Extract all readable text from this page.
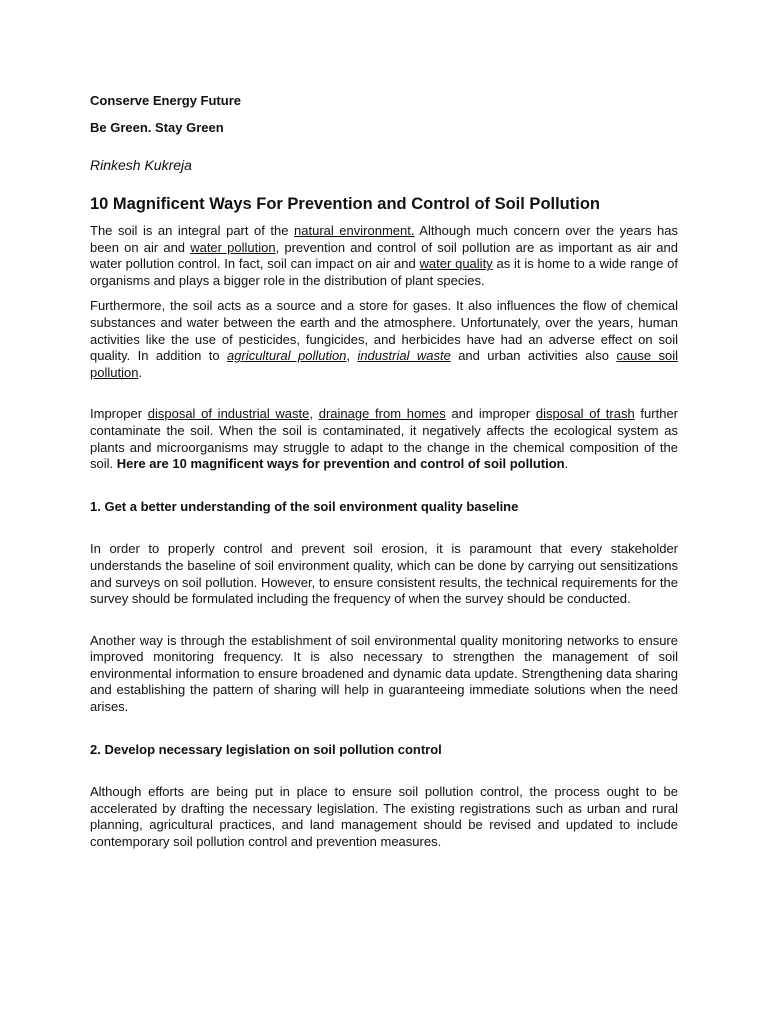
Conserve Energy Future
Be Green. Stay Green
Rinkesh Kukreja
10 Magnificent Ways For Prevention and Control of Soil Pollution

The soil is an integral part of the natural environment. Although much concern over the years has been on air and water pollution, prevention and control of soil pollution are as important as air and water pollution control. In fact, soil can impact on air and water quality as it is home to a wide range of organisms and plays a bigger role in the distribution of plant species.

Furthermore, the soil acts as a source and a store for gases. It also influences the flow of chemical substances and water between the earth and the atmosphere. Unfortunately, over the years, human activities like the use of pesticides, fungicides, and herbicides have had an adverse effect on soil quality. In addition to agricultural pollution, industrial waste and urban activities also cause soil pollution.

Improper disposal of industrial waste, drainage from homes and improper disposal of trash further contaminate the soil. When the soil is contaminated, it negatively affects the ecological system as plants and microorganisms may struggle to adapt to the change in the chemical composition of the soil. Here are 10 magnificent ways for prevention and control of soil pollution.

1. Get a better understanding of the soil environment quality baseline

In order to properly control and prevent soil erosion, it is paramount that every stakeholder understands the baseline of soil environment quality, which can be done by carrying out sensitizations and surveys on soil pollution. However, to ensure consistent results, the technical requirements for the survey should be formulated including the frequency of when the survey should be conducted.

Another way is through the establishment of soil environmental quality monitoring networks to ensure improved monitoring frequency. It is also necessary to strengthen the management of soil environmental information to ensure broadened and dynamic data update. Strengthening data sharing and establishing the pattern of sharing will help in guaranteeing immediate solutions when the need arises.

2. Develop necessary legislation on soil pollution control

Although efforts are being put in place to ensure soil pollution control, the process ought to be accelerated by drafting the necessary legislation. The existing registrations such as urban and rural planning, agricultural practices, and land management should be revised and updated to include contemporary soil pollution control and prevention measures.
